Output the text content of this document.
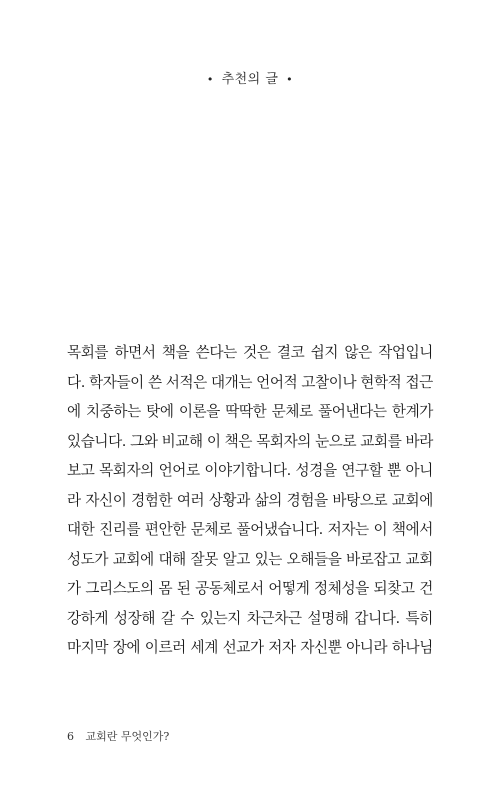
• 추천의 글 •
목회를 하면서 책을 쓴다는 것은 결코 쉽지 않은 작업입니
다. 학자들이 쓴 서적은 대개는 언어적 고찰이나 현학적 접근
에 치중하는 탓에 이론을 딱딱한 문체로 풀어낸다는 한계가
있습니다. 그와 비교해 이 책은 목회자의 눈으로 교회를 바라
보고 목회자의 언어로 이야기합니다. 성경을 연구할 뿐 아니
라 자신이 경험한 여러 상황과 삶의 경험을 바탕으로 교회에
대한 진리를 편안한 문체로 풀어냈습니다. 저자는 이 책에서
성도가 교회에 대해 잘못 알고 있는 오해들을 바로잡고 교회
가 그리스도의 몸 된 공동체로서 어떻게 정체성을 되찾고 건
강하게 성장해 갈 수 있는지 차근차근 설명해 갑니다. 특히
마지막 장에 이르러 세계 선교가 저자 자신뿐 아니라 하나님
6 교회란 무엇인가?
